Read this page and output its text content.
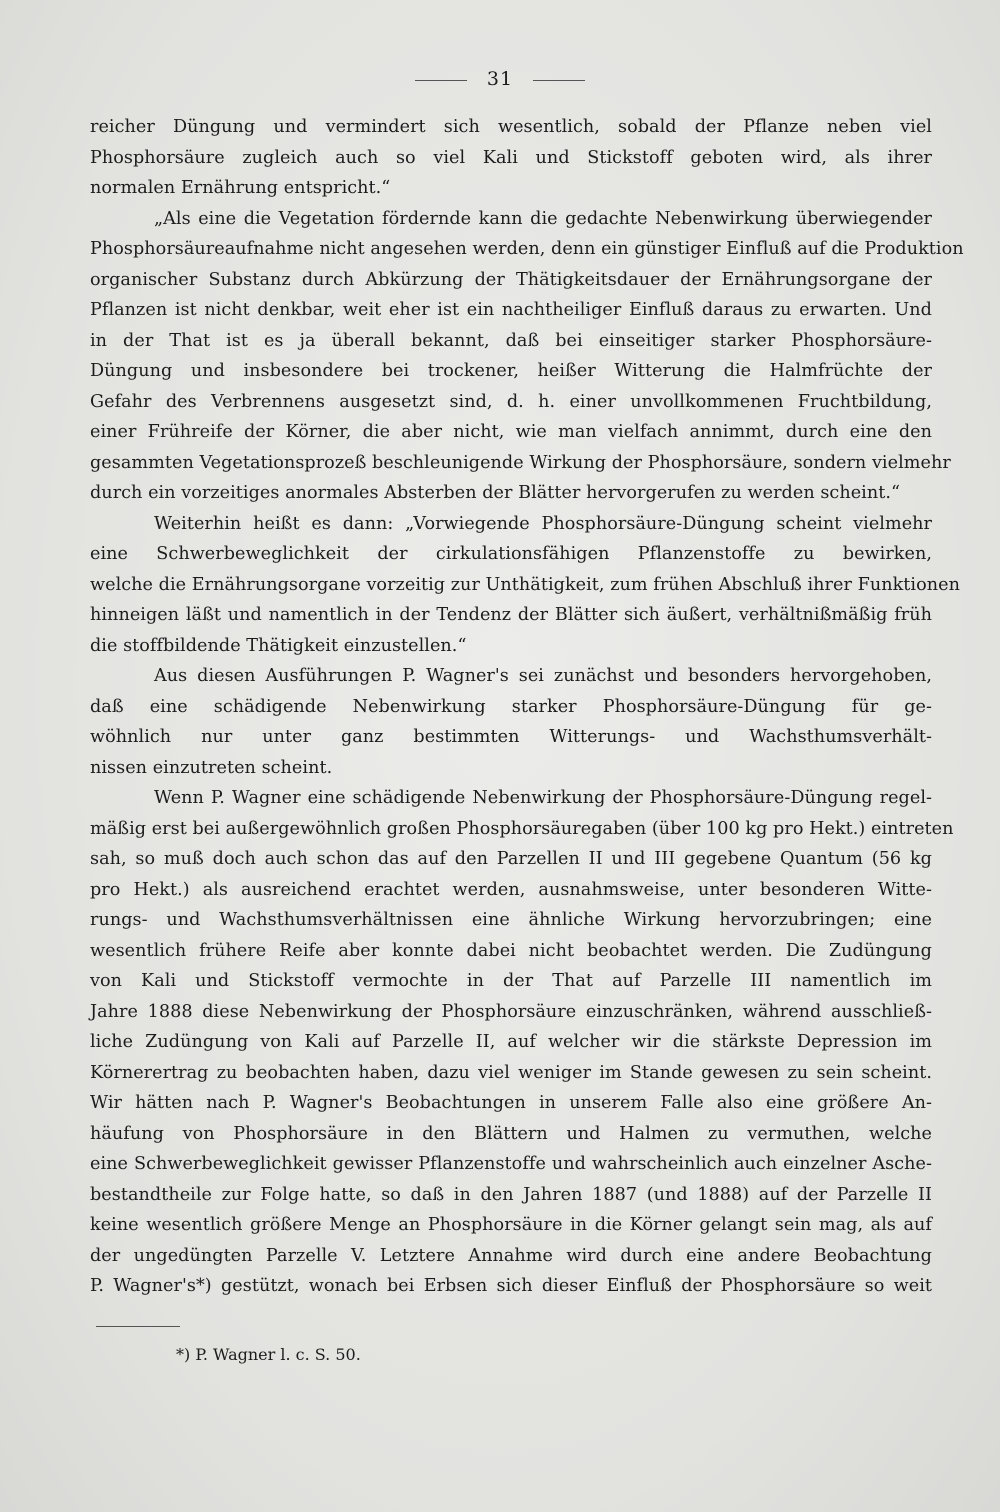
31
reicher Düngung und vermindert sich wesentlich, sobald der Pflanze neben viel
Phosphorsäure zugleich auch so viel Kali und Stickstoff geboten wird, als ihrer
normalen Ernährung entspricht.“
„Als eine die Vegetation fördernde kann die gedachte Nebenwirkung überwiegender
Phosphorsäureaufnahme nicht angesehen werden, denn ein günstiger Einfluß auf die Produktion
organischer Substanz durch Abkürzung der Thätigkeitsdauer der Ernährungsorgane der
Pflanzen ist nicht denkbar, weit eher ist ein nachtheiliger Einfluß daraus zu erwarten. Und
in der That ist es ja überall bekannt, daß bei einseitiger starker Phosphorsäure-
Düngung und insbesondere bei trockener, heißer Witterung die Halmfrüchte der
Gefahr des Verbrennens ausgesetzt sind, d. h. einer unvollkommenen Fruchtbildung,
einer Frühreife der Körner, die aber nicht, wie man vielfach annimmt, durch eine den
gesammten Vegetationsprozeß beschleunigende Wirkung der Phosphorsäure, sondern vielmehr
durch ein vorzeitiges anormales Absterben der Blätter hervorgerufen zu werden scheint.“
Weiterhin heißt es dann: „Vorwiegende Phosphorsäure-Düngung scheint vielmehr
eine Schwerbeweglichkeit der cirkulationsfähigen Pflanzenstoffe zu bewirken,
welche die Ernährungsorgane vorzeitig zur Unthätigkeit, zum frühen Abschluß ihrer Funktionen
hinneigen läßt und namentlich in der Tendenz der Blätter sich äußert, verhältnißmäßig früh
die stoffbildende Thätigkeit einzustellen.“
Aus diesen Ausführungen P. Wagner's sei zunächst und besonders hervorgehoben,
daß eine schädigende Nebenwirkung starker Phosphorsäure-Düngung für ge-
wöhnlich nur unter ganz bestimmten Witterungs- und Wachsthumsverhält-
nissen einzutreten scheint.
Wenn P. Wagner eine schädigende Nebenwirkung der Phosphorsäure-Düngung regel-
mäßig erst bei außergewöhnlich großen Phosphorsäuregaben (über 100 kg pro Hekt.) eintreten
sah, so muß doch auch schon das auf den Parzellen II und III gegebene Quantum (56 kg
pro Hekt.) als ausreichend erachtet werden, ausnahmsweise, unter besonderen Witte-
rungs- und Wachsthumsverhältnissen eine ähnliche Wirkung hervorzubringen; eine
wesentlich frühere Reife aber konnte dabei nicht beobachtet werden. Die Zudüngung
von Kali und Stickstoff vermochte in der That auf Parzelle III namentlich im
Jahre 1888 diese Nebenwirkung der Phosphorsäure einzuschränken, während ausschließ-
liche Zudüngung von Kali auf Parzelle II, auf welcher wir die stärkste Depression im
Körnerertrag zu beobachten haben, dazu viel weniger im Stande gewesen zu sein scheint.
Wir hätten nach P. Wagner's Beobachtungen in unserem Falle also eine größere An-
häufung von Phosphorsäure in den Blättern und Halmen zu vermuthen, welche
eine Schwerbeweglichkeit gewisser Pflanzenstoffe und wahrscheinlich auch einzelner Asche-
bestandtheile zur Folge hatte, so daß in den Jahren 1887 (und 1888) auf der Parzelle II
keine wesentlich größere Menge an Phosphorsäure in die Körner gelangt sein mag, als auf
der ungedüngten Parzelle V. Letztere Annahme wird durch eine andere Beobachtung
P. Wagner's*) gestützt, wonach bei Erbsen sich dieser Einfluß der Phosphorsäure so weit
*) P. Wagner l. c. S. 50.
